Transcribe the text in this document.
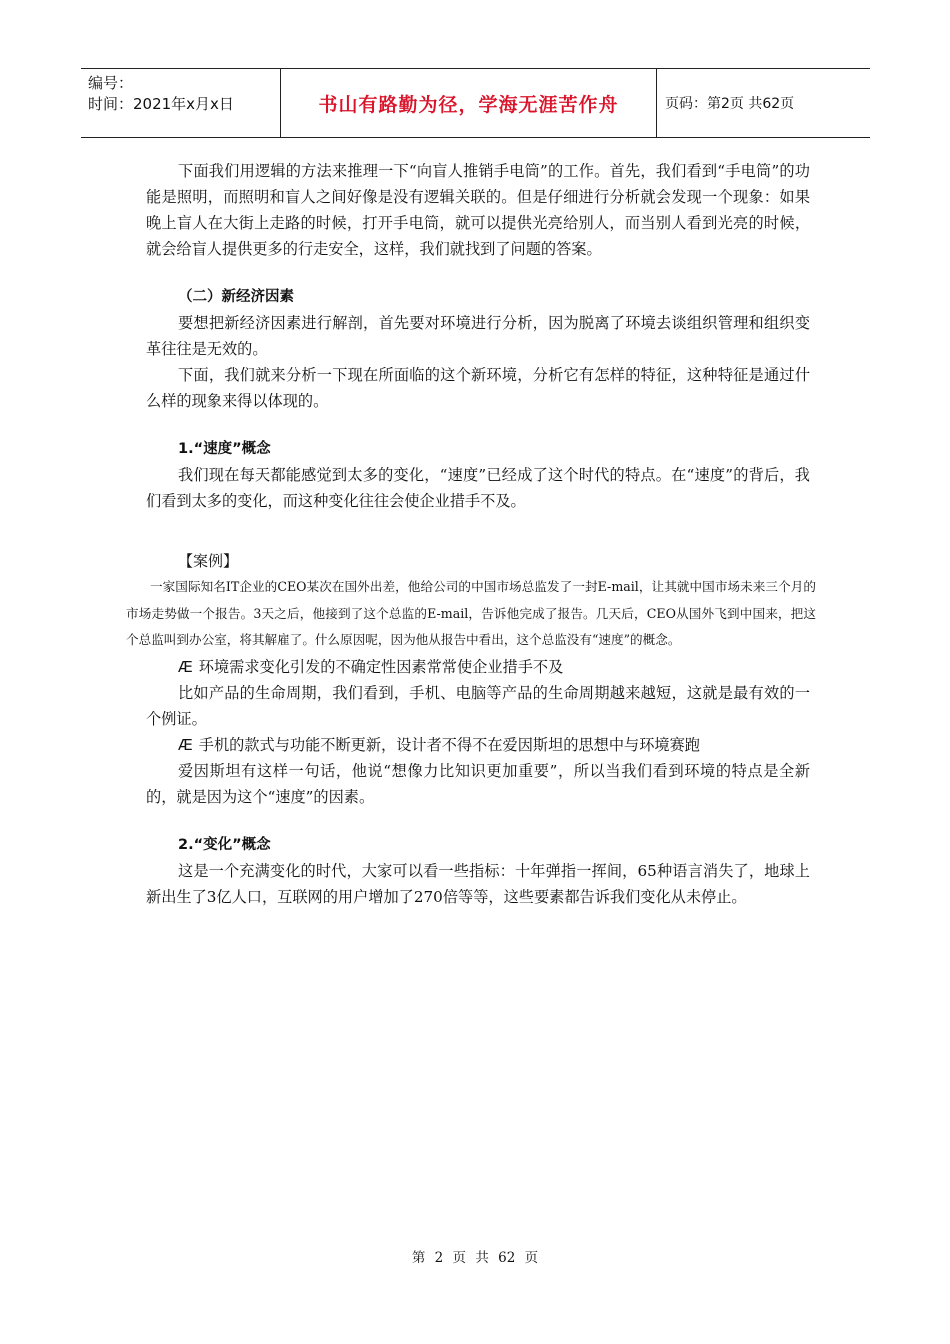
编号：
时间：2021年x月x日	书山有路勤为径，学海无涯苦作舟	页码：第2页 共62页

下面我们用逻辑的方法来推理一下“向盲人推销手电筒”的工作。首先，我们看到“手电筒”的功能是照明，而照明和盲人之间好像是没有逻辑关联的。但是仔细进行分析就会发现一个现象：如果晚上盲人在大街上走路的时候，打开手电筒，就可以提供光亮给别人，而当别人看到光亮的时候，就会给盲人提供更多的行走安全，这样，我们就找到了问题的答案。

（二）新经济因素

要想把新经济因素进行解剖，首先要对环境进行分析，因为脱离了环境去谈组织管理和组织变革往往是无效的。

下面，我们就来分析一下现在所面临的这个新环境，分析它有怎样的特征，这种特征是通过什么样的现象来得以体现的。

1.“速度”概念

我们现在每天都能感觉到太多的变化，“速度”已经成了这个时代的特点。在“速度”的背后，我们看到太多的变化，而这种变化往往会使企业措手不及。

【案例】

一家国际知名IT企业的CEO某次在国外出差，他给公司的中国市场总监发了一封E-mail，让其就中国市场未来三个月的市场走势做一个报告。3天之后，他接到了这个总监的E-mail，告诉他完成了报告。几天后，CEO从国外飞到中国来，把这个总监叫到办公室，将其解雇了。什么原因呢，因为他从报告中看出，这个总监没有“速度”的概念。

Æ 环境需求变化引发的不确定性因素常常使企业措手不及

比如产品的生命周期，我们看到，手机、电脑等产品的生命周期越来越短，这就是最有效的一个例证。

Æ 手机的款式与功能不断更新，设计者不得不在爱因斯坦的思想中与环境赛跑

爱因斯坦有这样一句话，他说“想像力比知识更加重要”，所以当我们看到环境的特点是全新的，就是因为这个“速度”的因素。

2.“变化”概念

这是一个充满变化的时代，大家可以看一些指标：十年弹指一挥间，65种语言消失了，地球上新出生了3亿人口，互联网的用户增加了270倍等等，这些要素都告诉我们变化从未停止。

第 2 页 共 62 页
